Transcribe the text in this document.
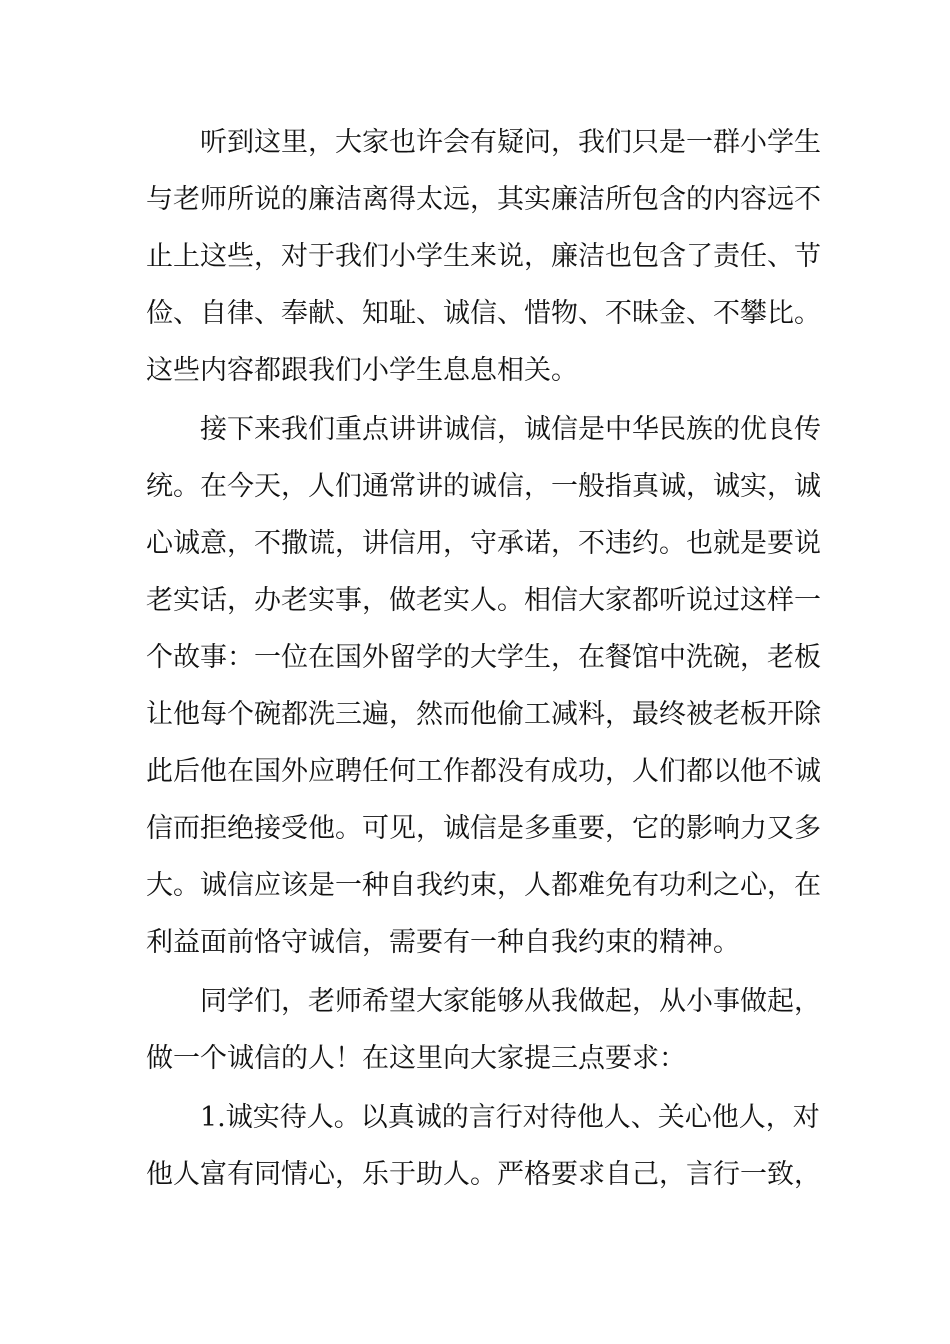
听到这里，大家也许会有疑问，我们只是一群小学生
与老师所说的廉洁离得太远，其实廉洁所包含的内容远不
止上这些，对于我们小学生来说，廉洁也包含了责任、节
俭、自律、奉献、知耻、诚信、惜物、不昧金、不攀比。
这些内容都跟我们小学生息息相关。
接下来我们重点讲讲诚信，诚信是中华民族的优良传
统。在今天，人们通常讲的诚信，一般指真诚，诚实，诚
心诚意，不撒谎，讲信用，守承诺，不违约。也就是要说
老实话，办老实事，做老实人。相信大家都听说过这样一
个故事：一位在国外留学的大学生，在餐馆中洗碗，老板
让他每个碗都洗三遍，然而他偷工减料，最终被老板开除
此后他在国外应聘任何工作都没有成功，人们都以他不诚
信而拒绝接受他。可见，诚信是多重要，它的影响力又多
大。诚信应该是一种自我约束，人都难免有功利之心，在
利益面前恪守诚信，需要有一种自我约束的精神。
同学们，老师希望大家能够从我做起，从小事做起，
做一个诚信的人！在这里向大家提三点要求：
1.诚实待人。以真诚的言行对待他人、关心他人，对
他人富有同情心，乐于助人。严格要求自己，言行一致，
